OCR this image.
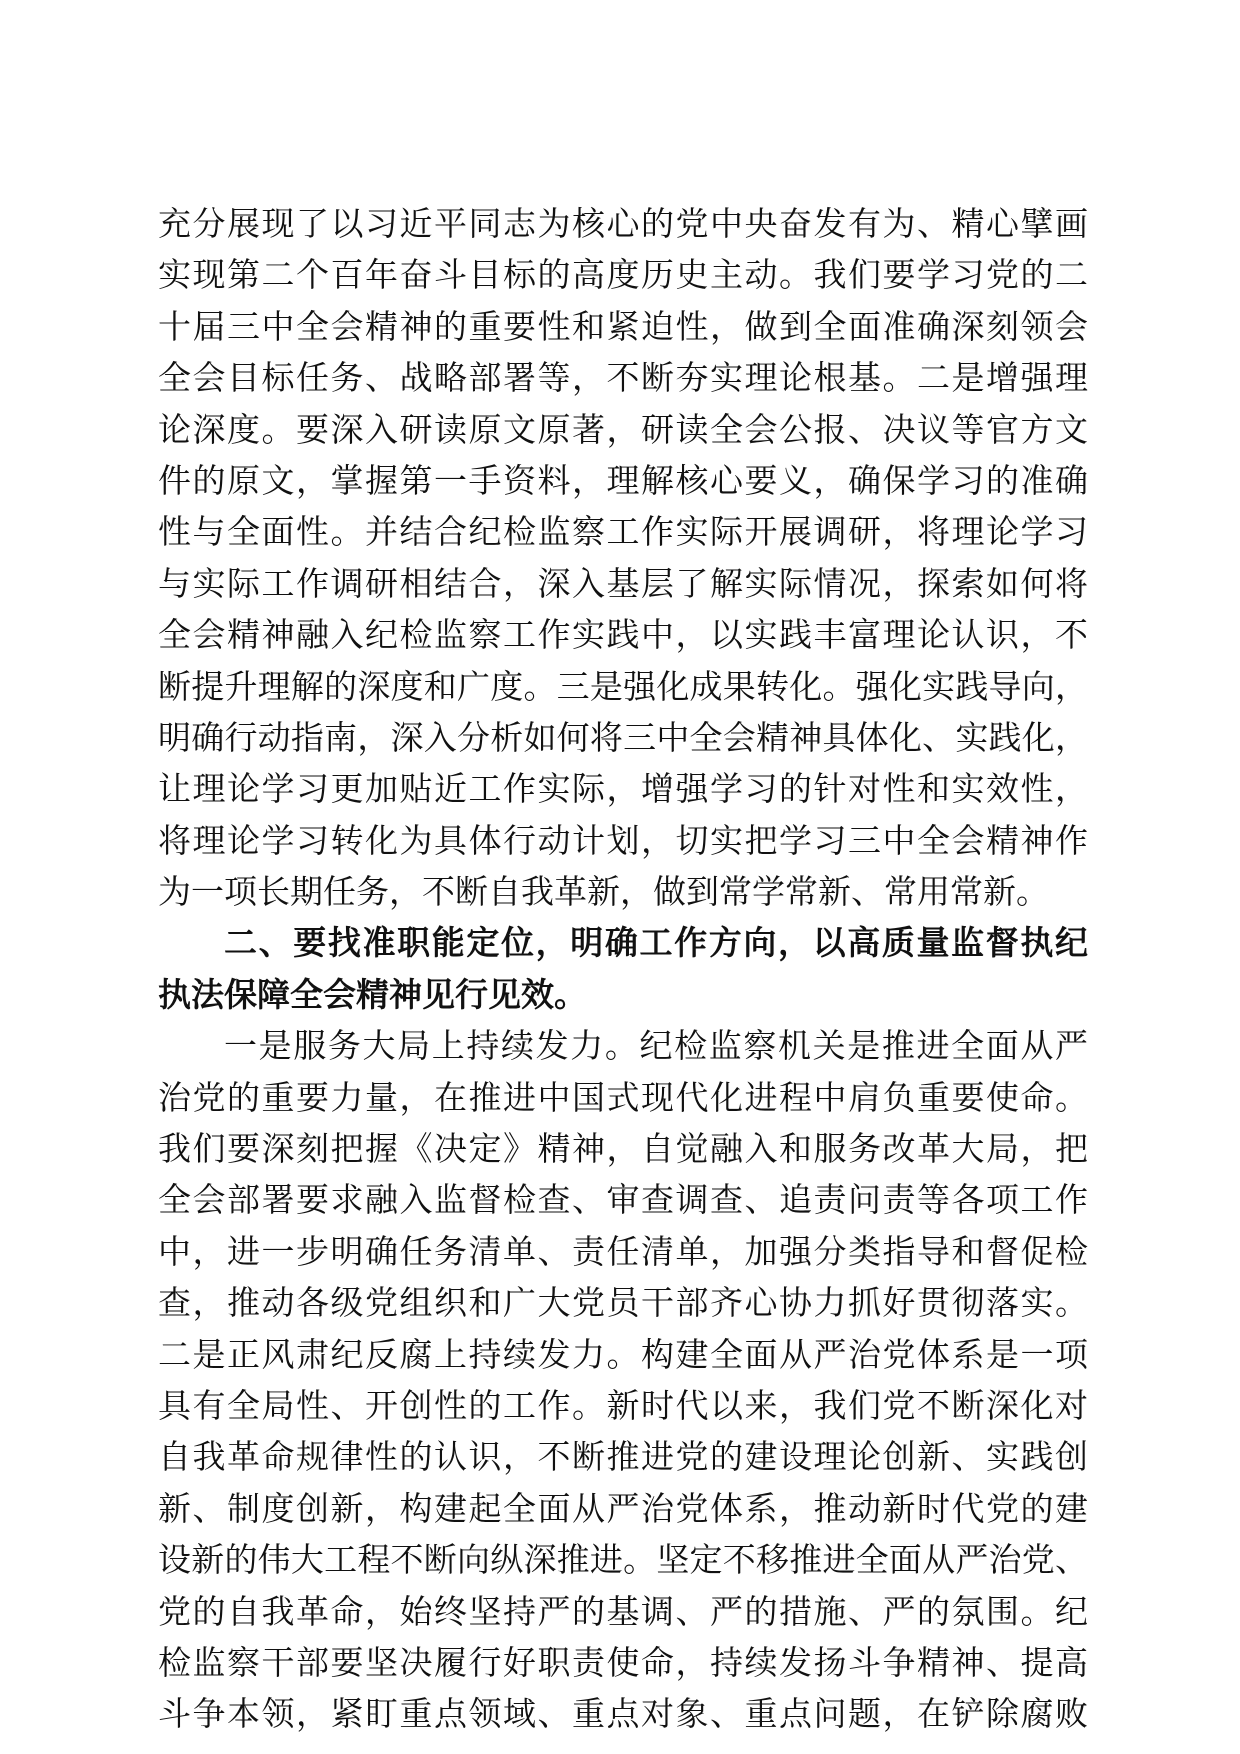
充分展现了以习近平同志为核心的党中央奋发有为、精心擘画
实现第二个百年奋斗目标的高度历史主动。我们要学习党的二
十届三中全会精神的重要性和紧迫性，做到全面准确深刻领会
全会目标任务、战略部署等，不断夯实理论根基。二是增强理
论深度。要深入研读原文原著，研读全会公报、决议等官方文
件的原文，掌握第一手资料，理解核心要义，确保学习的准确
性与全面性。并结合纪检监察工作实际开展调研，将理论学习
与实际工作调研相结合，深入基层了解实际情况，探索如何将
全会精神融入纪检监察工作实践中，以实践丰富理论认识，不
断提升理解的深度和广度。三是强化成果转化。强化实践导向，
明确行动指南，深入分析如何将三中全会精神具体化、实践化，
让理论学习更加贴近工作实际，增强学习的针对性和实效性，
将理论学习转化为具体行动计划，切实把学习三中全会精神作
为一项长期任务，不断自我革新，做到常学常新、常用常新。
二、要找准职能定位，明确工作方向，以高质量监督执纪
执法保障全会精神见行见效。
一是服务大局上持续发力。纪检监察机关是推进全面从严
治党的重要力量，在推进中国式现代化进程中肩负重要使命。
我们要深刻把握《决定》精神，自觉融入和服务改革大局，把
全会部署要求融入监督检查、审查调查、追责问责等各项工作
中，进一步明确任务清单、责任清单，加强分类指导和督促检
查，推动各级党组织和广大党员干部齐心协力抓好贯彻落实。
二是正风肃纪反腐上持续发力。构建全面从严治党体系是一项
具有全局性、开创性的工作。新时代以来，我们党不断深化对
自我革命规律性的认识，不断推进党的建设理论创新、实践创
新、制度创新，构建起全面从严治党体系，推动新时代党的建
设新的伟大工程不断向纵深推进。坚定不移推进全面从严治党、
党的自我革命，始终坚持严的基调、严的措施、严的氛围。纪
检监察干部要坚决履行好职责使命，持续发扬斗争精神、提高
斗争本领，紧盯重点领域、重点对象、重点问题，在铲除腐败
